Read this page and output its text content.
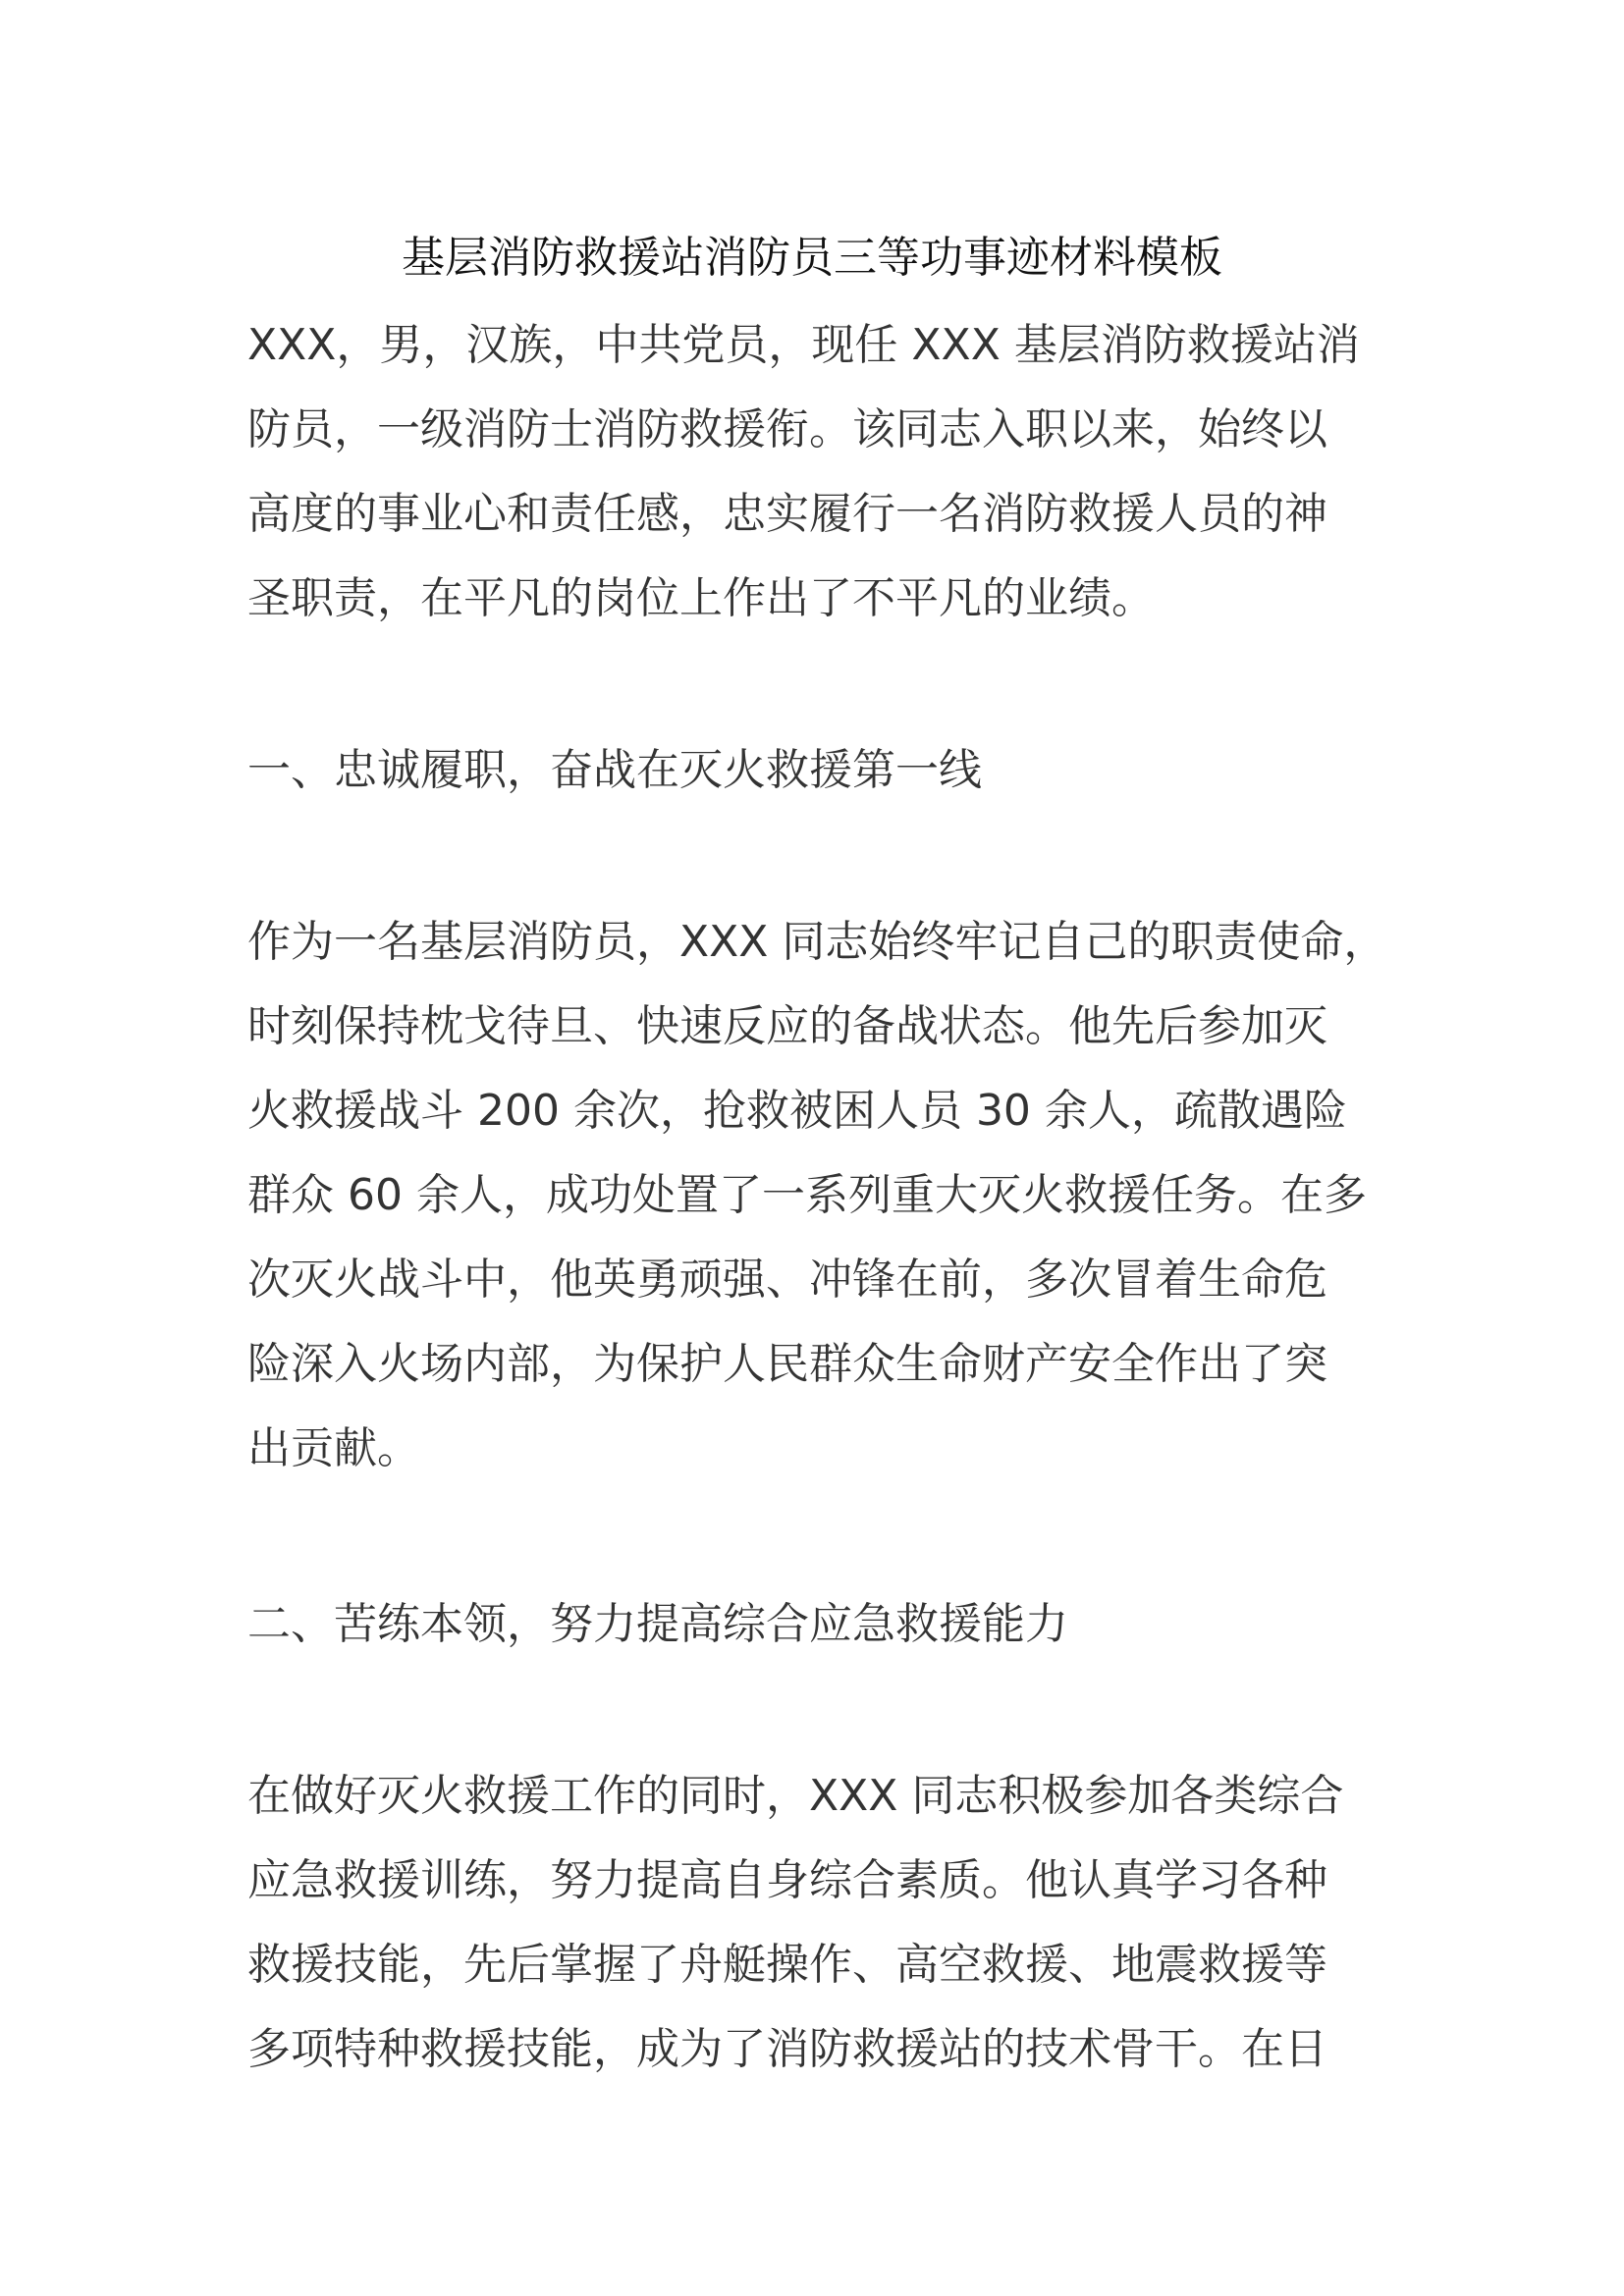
基层消防救援站消防员三等功事迹材料模板
XXX，男，汉族，中共党员，现任 XXX 基层消防救援站消
防员，一级消防士消防救援衔。该同志入职以来，始终以
高度的事业心和责任感，忠实履行一名消防救援人员的神
圣职责，在平凡的岗位上作出了不平凡的业绩。
一、忠诚履职，奋战在灭火救援第一线
作为一名基层消防员，XXX 同志始终牢记自己的职责使命，
时刻保持枕戈待旦、快速反应的备战状态。他先后参加灭
火救援战斗 200 余次，抢救被困人员 30 余人，疏散遇险
群众 60 余人，成功处置了一系列重大灭火救援任务。在多
次灭火战斗中，他英勇顽强、冲锋在前，多次冒着生命危
险深入火场内部，为保护人民群众生命财产安全作出了突
出贡献。
二、苦练本领，努力提高综合应急救援能力
在做好灭火救援工作的同时，XXX 同志积极参加各类综合
应急救援训练，努力提高自身综合素质。他认真学习各种
救援技能，先后掌握了舟艇操作、高空救援、地震救援等
多项特种救援技能，成为了消防救援站的技术骨干。在日
